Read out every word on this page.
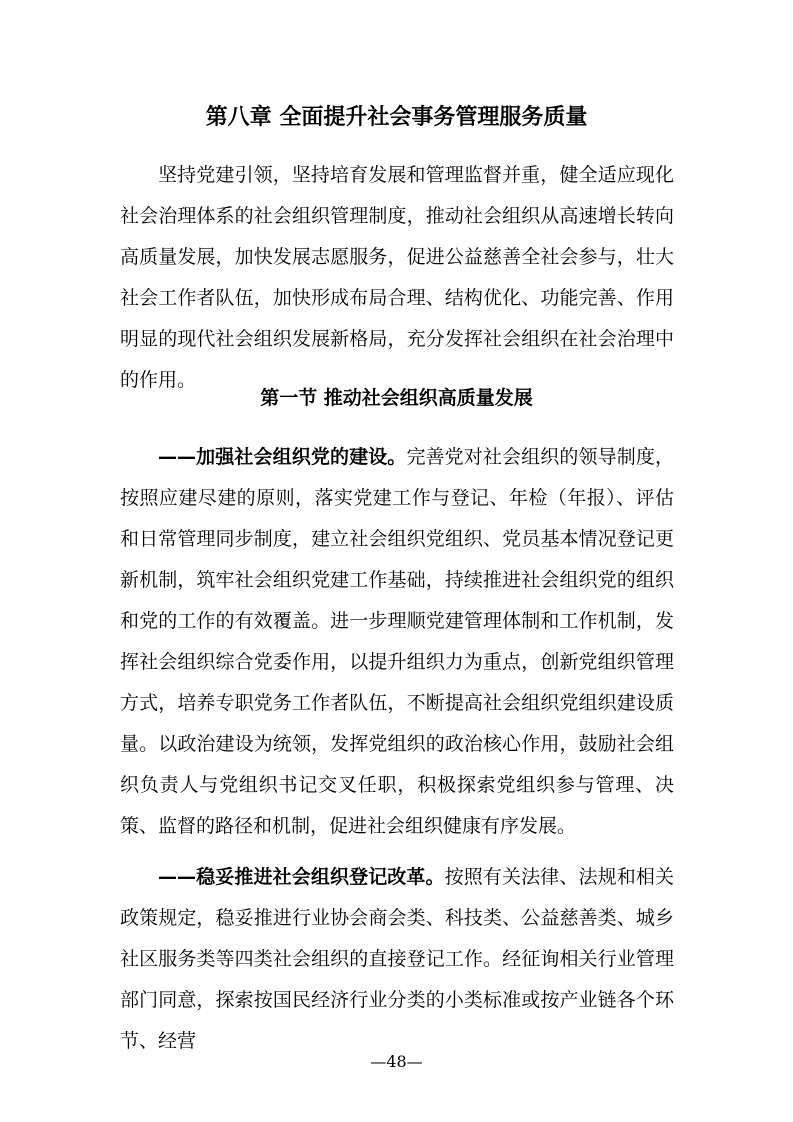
第八章 全面提升社会事务管理服务质量

坚持党建引领，坚持培育发展和管理监督并重，健全适应现化社会治理体系的社会组织管理制度，推动社会组织从高速增长转向高质量发展，加快发展志愿服务，促进公益慈善全社会参与，壮大社会工作者队伍，加快形成布局合理、结构优化、功能完善、作用明显的现代社会组织发展新格局，充分发挥社会组织在社会治理中的作用。

第一节 推动社会组织高质量发展

——加强社会组织党的建设。完善党对社会组织的领导制度，按照应建尽建的原则，落实党建工作与登记、年检（年报）、评估和日常管理同步制度，建立社会组织党组织、党员基本情况登记更新机制，筑牢社会组织党建工作基础，持续推进社会组织党的组织和党的工作的有效覆盖。进一步理顺党建管理体制和工作机制，发挥社会组织综合党委作用，以提升组织力为重点，创新党组织管理方式，培养专职党务工作者队伍，不断提高社会组织党组织建设质量。以政治建设为统领，发挥党组织的政治核心作用，鼓励社会组织负责人与党组织书记交叉任职，积极探索党组织参与管理、决策、监督的路径和机制，促进社会组织健康有序发展。

——稳妥推进社会组织登记改革。按照有关法律、法规和相关政策规定，稳妥推进行业协会商会类、科技类、公益慈善类、城乡社区服务类等四类社会组织的直接登记工作。经征询相关行业管理部门同意，探索按国民经济行业分类的小类标准或按产业链各个环节、经营

—48—
